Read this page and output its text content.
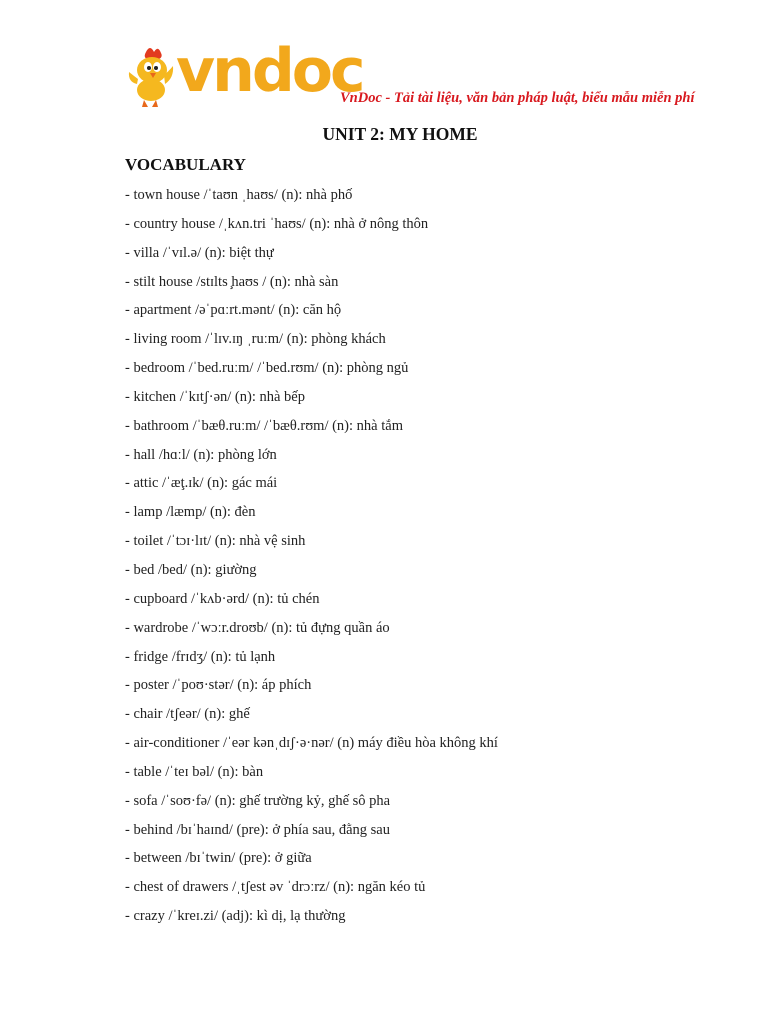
vndoc
VnDoc - Tải tài liệu, văn bản pháp luật, biểu mẫu miễn phí
UNIT 2: MY HOME
VOCABULARY
- town house /ˈtaʊn ˌhaʊs/ (n): nhà phố
- country house /ˌkʌn.tri ˈhaʊs/ (n): nhà ở nông thôn
- villa /ˈvɪl.ə/ (n): biệt thự
- stilt house /stɪlts ̧haʊs / (n): nhà sàn
- apartment /əˈpɑːrt.mənt/ (n): căn hộ
- living room /ˈlɪv.ɪŋ ˌruːm/ (n): phòng khách
- bedroom /ˈbed.ruːm/ /ˈbed.rʊm/ (n): phòng ngủ
- kitchen /ˈkɪtʃ·ən/ (n): nhà bếp
- bathroom /ˈbæθ.ruːm/ /ˈbæθ.rʊm/ (n): nhà tắm
- hall /hɑːl/ (n): phòng lớn
- attic /ˈæţ.ɪk/ (n): gác mái
- lamp /læmp/ (n): đèn
- toilet /ˈtɔɪ·lɪt/ (n): nhà vệ sinh
- bed /bed/ (n): giường
- cupboard /ˈkʌb·ərd/ (n): tủ chén
- wardrobe /ˈwɔːr.droʊb/ (n): tủ đựng quần áo
- fridge /frɪdʒ/ (n): tủ lạnh
- poster /ˈpoʊ·stər/ (n): áp phích
- chair /tʃeər/ (n): ghế
- air-conditioner /ˈeər kənˌdɪʃ·ə·nər/ (n) máy điều hòa không khí
- table /ˈteɪ bəl/ (n): bàn
- sofa /ˈsoʊ·fə/ (n): ghế trường kỷ, ghế sô pha
- behind /bɪˈhaɪnd/ (pre): ở phía sau, đằng sau
- between /bɪˈtwin/ (pre): ở giữa
- chest of drawers /ˌtʃest əv ˈdrɔːrz/ (n): ngăn kéo tủ
- crazy /ˈkreɪ.zi/ (adj): kì dị, lạ thường
